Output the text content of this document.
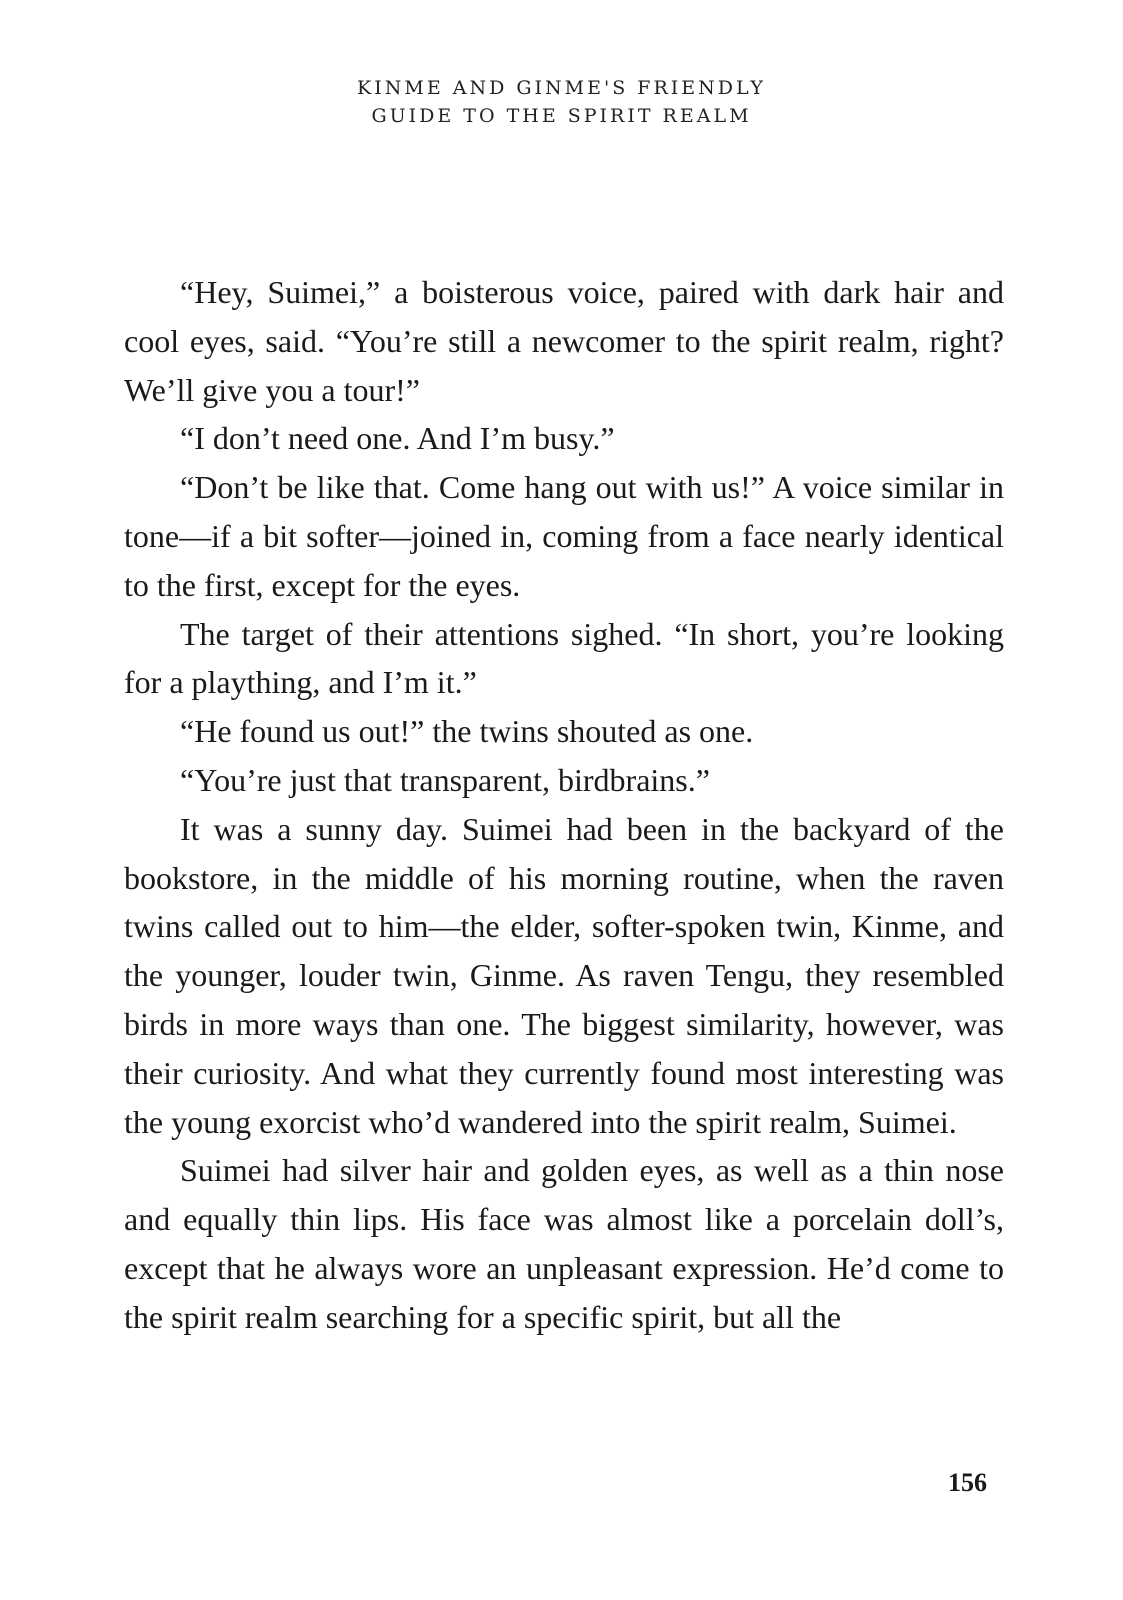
KINME AND GINME'S FRIENDLY
GUIDE TO THE SPIRIT REALM

“Hey, Suimei,” a boisterous voice, paired with dark hair and cool eyes, said. “You’re still a newcomer to the spirit realm, right? We’ll give you a tour!”

“I don’t need one. And I’m busy.”

“Don’t be like that. Come hang out with us!” A voice similar in tone—if a bit softer—joined in, coming from a face nearly identical to the first, except for the eyes.

The target of their attentions sighed. “In short, you’re looking for a plaything, and I’m it.”

“He found us out!” the twins shouted as one.

“You’re just that transparent, birdbrains.”

It was a sunny day. Suimei had been in the backyard of the bookstore, in the middle of his morning routine, when the raven twins called out to him—the elder, softer-spoken twin, Kinme, and the younger, louder twin, Ginme. As raven Tengu, they resembled birds in more ways than one. The biggest similarity, however, was their curiosity. And what they currently found most interesting was the young exorcist who’d wandered into the spirit realm, Suimei.

Suimei had silver hair and golden eyes, as well as a thin nose and equally thin lips. His face was almost like a porcelain doll’s, except that he always wore an unpleasant expression. He’d come to the spirit realm searching for a specific spirit, but all the

156
